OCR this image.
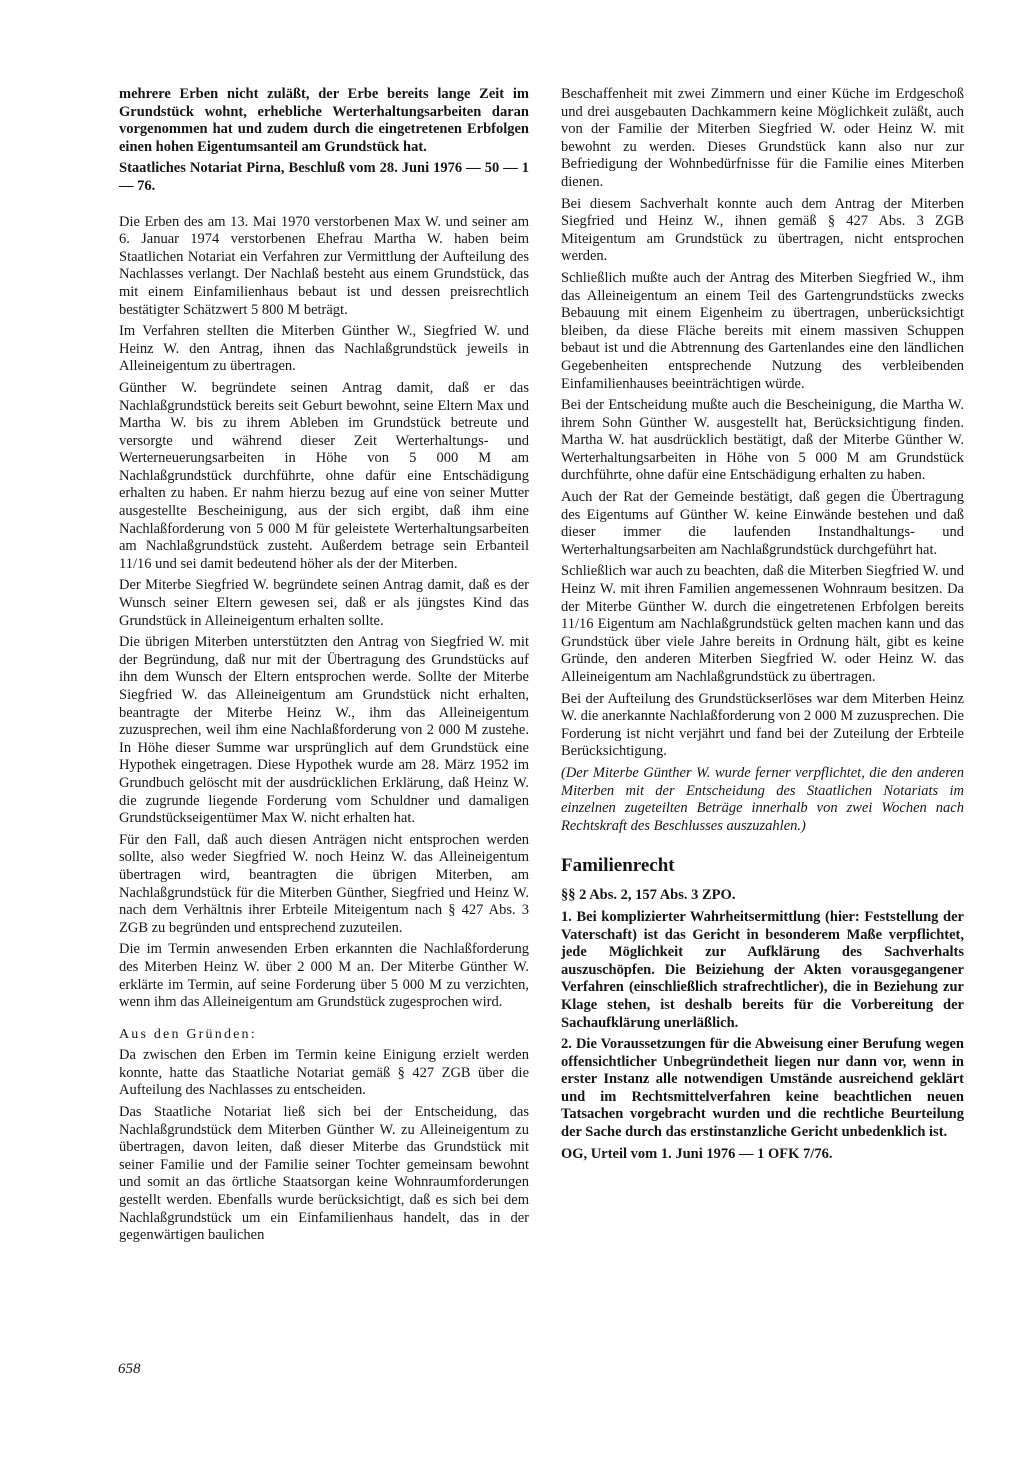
mehrere Erben nicht zuläßt, der Erbe bereits lange Zeit im Grundstück wohnt, erhebliche Werterhaltungsarbeiten daran vorgenommen hat und zudem durch die eingetretenen Erbfolgen einen hohen Eigentumsanteil am Grundstück hat.

Staatliches Notariat Pirna, Beschluß vom 28. Juni 1976 — 50 — 1 — 76.

Die Erben des am 13. Mai 1970 verstorbenen Max W. und seiner am 6. Januar 1974 verstorbenen Ehefrau Martha W. haben beim Staatlichen Notariat ein Verfahren zur Vermittlung der Aufteilung des Nachlasses verlangt. Der Nachlaß besteht aus einem Grundstück, das mit einem Einfamilienhaus bebaut ist und dessen preisrechtlich bestätigter Schätzwert 5 800 M beträgt.

Im Verfahren stellten die Miterben Günther W., Siegfried W. und Heinz W. den Antrag, ihnen das Nachlaßgrundstück jeweils in Alleineigentum zu übertragen.

Günther W. begründete seinen Antrag damit, daß er das Nachlaßgrundstück bereits seit Geburt bewohnt, seine Eltern Max und Martha W. bis zu ihrem Ableben im Grundstück betreute und versorgte und während dieser Zeit Werterhaltungs- und Werterneuerungsarbeiten in Höhe von 5 000 M am Nachlaßgrundstück durchführte, ohne dafür eine Entschädigung erhalten zu haben. Er nahm hierzu bezug auf eine von seiner Mutter ausgestellte Bescheinigung, aus der sich ergibt, daß ihm eine Nachlaßforderung von 5 000 M für geleistete Werterhaltungsarbeiten am Nachlaßgrundstück zusteht. Außerdem betrage sein Erbanteil 11/16 und sei damit bedeutend höher als der der Miterben.

Der Miterbe Siegfried W. begründete seinen Antrag damit, daß es der Wunsch seiner Eltern gewesen sei, daß er als jüngstes Kind das Grundstück in Alleineigentum erhalten sollte.

Die übrigen Miterben unterstützten den Antrag von Siegfried W. mit der Begründung, daß nur mit der Übertragung des Grundstücks auf ihn dem Wunsch der Eltern entsprochen werde. Sollte der Miterbe Siegfried W. das Alleineigentum am Grundstück nicht erhalten, beantragte der Miterbe Heinz W., ihm das Alleineigentum zuzusprechen, weil ihm eine Nachlaßforderung von 2 000 M zustehe. In Höhe dieser Summe war ursprünglich auf dem Grundstück eine Hypothek eingetragen. Diese Hypothek wurde am 28. März 1952 im Grundbuch gelöscht mit der ausdrücklichen Erklärung, daß Heinz W. die zugrunde liegende Forderung vom Schuldner und damaligen Grundstückseigentümer Max W. nicht erhalten hat.

Für den Fall, daß auch diesen Anträgen nicht entsprochen werden sollte, also weder Siegfried W. noch Heinz W. das Alleineigentum übertragen wird, beantragten die übrigen Miterben, am Nachlaßgrundstück für die Miterben Günther, Siegfried und Heinz W. nach dem Verhältnis ihrer Erbteile Miteigentum nach § 427 Abs. 3 ZGB zu begründen und entsprechend zuzuteilen.

Die im Termin anwesenden Erben erkannten die Nachlaßforderung des Miterben Heinz W. über 2 000 M an. Der Miterbe Günther W. erklärte im Termin, auf seine Forderung über 5 000 M zu verzichten, wenn ihm das Alleineigentum am Grundstück zugesprochen wird.

Aus den Gründen:

Da zwischen den Erben im Termin keine Einigung erzielt werden konnte, hatte das Staatliche Notariat gemäß § 427 ZGB über die Aufteilung des Nachlasses zu entscheiden.

Das Staatliche Notariat ließ sich bei der Entscheidung, das Nachlaßgrundstück dem Miterben Günther W. zu Alleineigentum zu übertragen, davon leiten, daß dieser Miterbe das Grundstück mit seiner Familie und der Familie seiner Tochter gemeinsam bewohnt und somit an das örtliche Staatsorgan keine Wohnraumforderungen gestellt werden. Ebenfalls wurde berücksichtigt, daß es sich bei dem Nachlaßgrundstück um ein Einfamilienhaus handelt, das in der gegenwärtigen baulichen

Beschaffenheit mit zwei Zimmern und einer Küche im Erdgeschoß und drei ausgebauten Dachkammern keine Möglichkeit zuläßt, auch von der Familie der Miterben Siegfried W. oder Heinz W. mit bewohnt zu werden. Dieses Grundstück kann also nur zur Befriedigung der Wohnbedürfnisse für die Familie eines Miterben dienen.

Bei diesem Sachverhalt konnte auch dem Antrag der Miterben Siegfried und Heinz W., ihnen gemäß § 427 Abs. 3 ZGB Miteigentum am Grundstück zu übertragen, nicht entsprochen werden.

Schließlich mußte auch der Antrag des Miterben Siegfried W., ihm das Alleineigentum an einem Teil des Gartengrundstücks zwecks Bebauung mit einem Eigenheim zu übertragen, unberücksichtigt bleiben, da diese Fläche bereits mit einem massiven Schuppen bebaut ist und die Abtrennung des Gartenlandes eine den ländlichen Gegebenheiten entsprechende Nutzung des verbleibenden Einfamilienhauses beeinträchtigen würde.

Bei der Entscheidung mußte auch die Bescheinigung, die Martha W. ihrem Sohn Günther W. ausgestellt hat, Berücksichtigung finden. Martha W. hat ausdrücklich bestätigt, daß der Miterbe Günther W. Werterhaltungsarbeiten in Höhe von 5 000 M am Grundstück durchführte, ohne dafür eine Entschädigung erhalten zu haben.

Auch der Rat der Gemeinde bestätigt, daß gegen die Übertragung des Eigentums auf Günther W. keine Einwände bestehen und daß dieser immer die laufenden Instandhaltungs- und Werterhaltungsarbeiten am Nachlaßgrundstück durchgeführt hat.

Schließlich war auch zu beachten, daß die Miterben Siegfried W. und Heinz W. mit ihren Familien angemessenen Wohnraum besitzen. Da der Miterbe Günther W. durch die eingetretenen Erbfolgen bereits 11/16 Eigentum am Nachlaßgrundstück gelten machen kann und das Grundstück über viele Jahre bereits in Ordnung hält, gibt es keine Gründe, den anderen Miterben Siegfried W. oder Heinz W. das Alleineigentum am Nachlaßgrundstück zu übertragen.

Bei der Aufteilung des Grundstückserlöses war dem Miterben Heinz W. die anerkannte Nachlaßforderung von 2 000 M zuzusprechen. Die Forderung ist nicht verjährt und fand bei der Zuteilung der Erbteile Berücksichtigung.

(Der Miterbe Günther W. wurde ferner verpflichtet, die den anderen Miterben mit der Entscheidung des Staatlichen Notariats im einzelnen zugeteilten Beträge innerhalb von zwei Wochen nach Rechtskraft des Beschlusses auszuzahlen.)

Familienrecht

§§ 2 Abs. 2, 157 Abs. 3 ZPO.

1. Bei komplizierter Wahrheitsermittlung (hier: Feststellung der Vaterschaft) ist das Gericht in besonderem Maße verpflichtet, jede Möglichkeit zur Aufklärung des Sachverhalts auszuschöpfen. Die Beiziehung der Akten vorausgegangener Verfahren (einschließlich strafrechtlicher), die in Beziehung zur Klage stehen, ist deshalb bereits für die Vorbereitung der Sachaufklärung unerläßlich.

2. Die Voraussetzungen für die Abweisung einer Berufung wegen offensichtlicher Unbegründetheit liegen nur dann vor, wenn in erster Instanz alle notwendigen Umstände ausreichend geklärt und im Rechtsmittelverfahren keine beachtlichen neuen Tatsachen vorgebracht wurden und die rechtliche Beurteilung der Sache durch das erstinstanzliche Gericht unbedenklich ist.

OG, Urteil vom 1. Juni 1976 — 1 OFK 7/76.

658
